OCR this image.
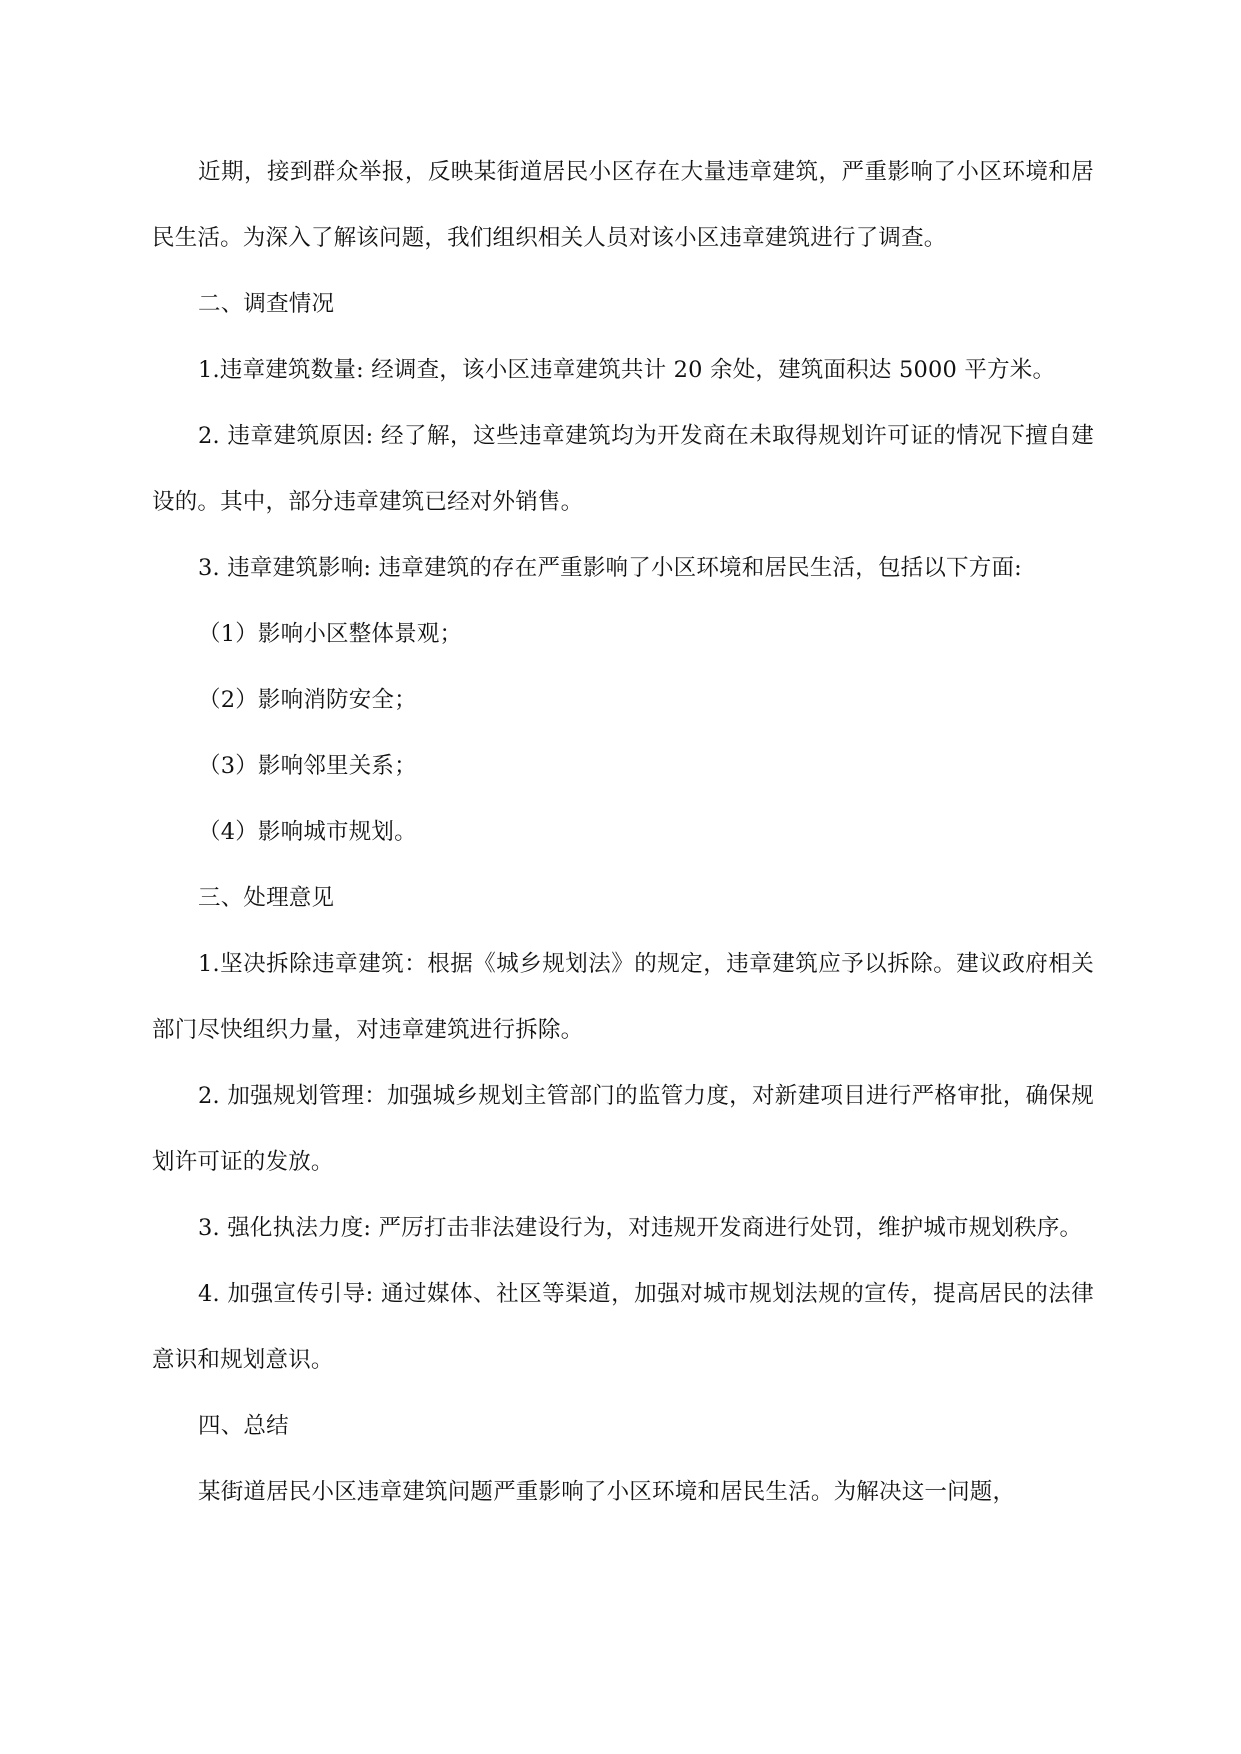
近期，接到群众举报，反映某街道居民小区存在大量违章建筑，严重影响了小区环境和居民生活。为深入了解该问题，我们组织相关人员对该小区违章建筑进行了调查。

二、调查情况

1.违章建筑数量: 经调查，该小区违章建筑共计 20 余处，建筑面积达 5000 平方米。

2. 违章建筑原因: 经了解，这些违章建筑均为开发商在未取得规划许可证的情况下擅自建设的。其中，部分违章建筑已经对外销售。

3. 违章建筑影响: 违章建筑的存在严重影响了小区环境和居民生活，包括以下方面:

（1）影响小区整体景观；

（2）影响消防安全；

（3）影响邻里关系；

（4）影响城市规划。

三、处理意见

1.坚决拆除违章建筑：根据《城乡规划法》的规定，违章建筑应予以拆除。建议政府相关部门尽快组织力量，对违章建筑进行拆除。

2. 加强规划管理：加强城乡规划主管部门的监管力度，对新建项目进行严格审批，确保规划许可证的发放。

3. 强化执法力度: 严厉打击非法建设行为，对违规开发商进行处罚，维护城市规划秩序。

4. 加强宣传引导: 通过媒体、社区等渠道，加强对城市规划法规的宣传，提高居民的法律意识和规划意识。

四、总结

某街道居民小区违章建筑问题严重影响了小区环境和居民生活。为解决这一问题，
